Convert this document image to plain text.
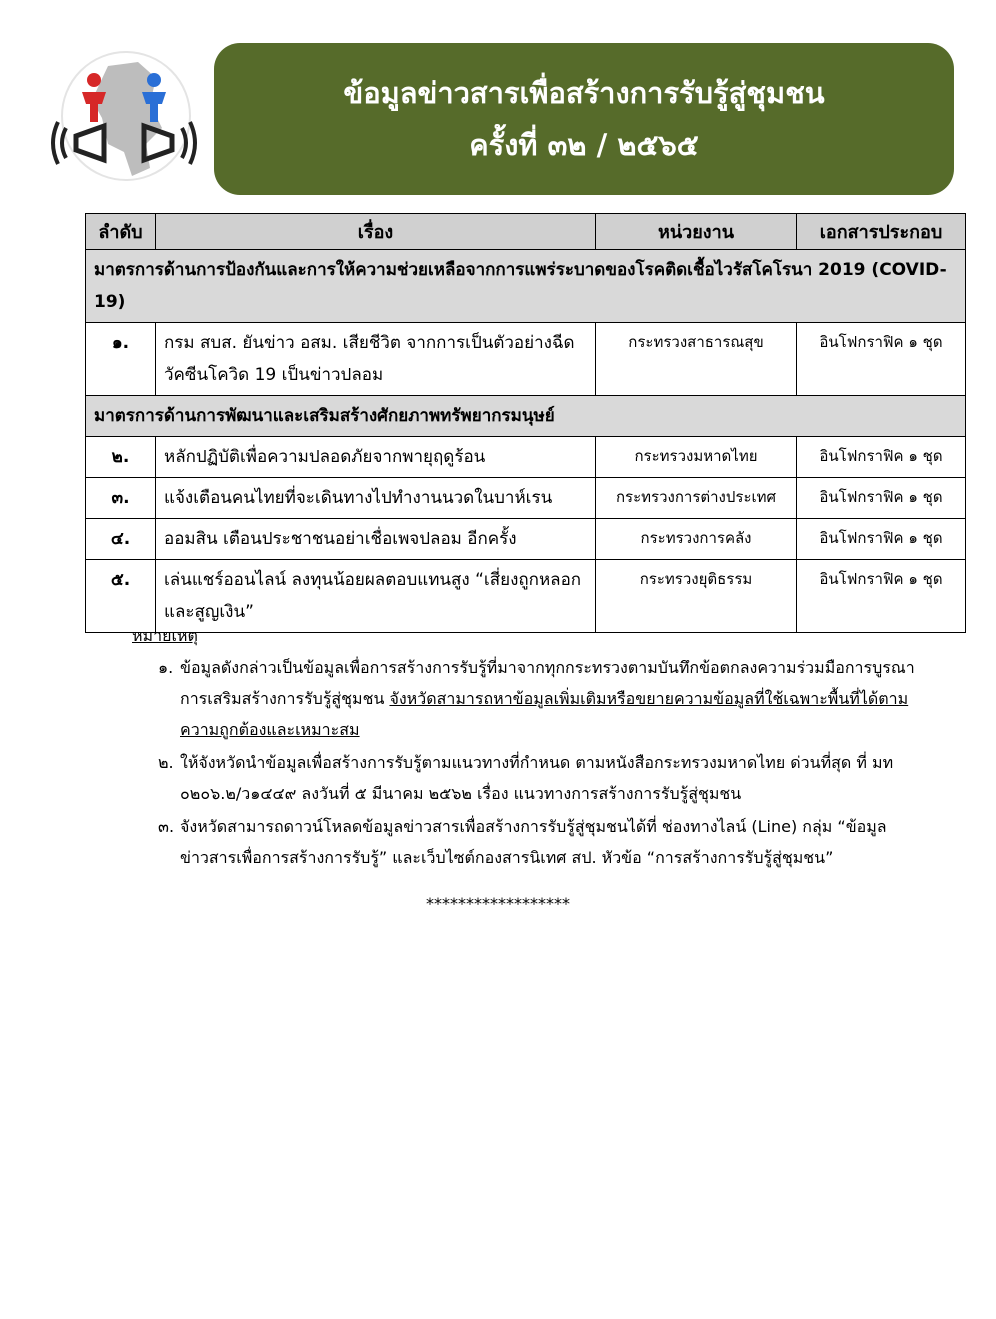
ข้อมูลข่าวสารเพื่อสร้างการรับรู้สู่ชุมชน
ครั้งที่ ๓๒ / ๒๕๖๕
ลำดับ	เรื่อง	หน่วยงาน	เอกสารประกอบ
มาตรการด้านการป้องกันและการให้ความช่วยเหลือจากการแพร่ระบาดของโรคติดเชื้อไวรัสโคโรนา 2019 (COVID-19)			
๑.	กรม สบส. ยันข่าว อสม. เสียชีวิต จากการเป็นตัวอย่างฉีดวัคซีนโควิด 19 เป็นข่าวปลอม	กระทรวงสาธารณสุข	อินโฟกราฟิค ๑ ชุด
มาตรการด้านการพัฒนาและเสริมสร้างศักยภาพทรัพยากรมนุษย์			
๒.	หลักปฏิบัติเพื่อความปลอดภัยจากพายุฤดูร้อน	กระทรวงมหาดไทย	อินโฟกราฟิค ๑ ชุด
๓.	แจ้งเตือนคนไทยที่จะเดินทางไปทำงานนวดในบาห์เรน	กระทรวงการต่างประเทศ	อินโฟกราฟิค ๑ ชุด
๔.	ออมสิน เตือนประชาชนอย่าเชื่อเพจปลอม อีกครั้ง	กระทรวงการคลัง	อินโฟกราฟิค ๑ ชุด
๕.	เล่นแชร์ออนไลน์ ลงทุนน้อยผลตอบแทนสูง “เสี่ยงถูกหลอกและสูญเงิน”	กระทรวงยุติธรรม	อินโฟกราฟิค ๑ ชุด
หมายเหตุ
๑. ข้อมูลดังกล่าวเป็นข้อมูลเพื่อการสร้างการรับรู้ที่มาจากทุกกระทรวงตามบันทึกข้อตกลงความร่วมมือการบูรณาการเสริมสร้างการรับรู้สู่ชุมชน จังหวัดสามารถหาข้อมูลเพิ่มเติมหรือขยายความข้อมูลที่ใช้เฉพาะพื้นที่ได้ตามความถูกต้องและเหมาะสม
๒. ให้จังหวัดนำข้อมูลเพื่อสร้างการรับรู้ตามแนวทางที่กำหนด ตามหนังสือกระทรวงมหาดไทย ด่วนที่สุด ที่ มท ๐๒๐๖.๒/ว๑๔๔๙ ลงวันที่ ๕ มีนาคม ๒๕๖๒ เรื่อง แนวทางการสร้างการรับรู้สู่ชุมชน
๓. จังหวัดสามารถดาวน์โหลดข้อมูลข่าวสารเพื่อสร้างการรับรู้สู่ชุมชนได้ที่ ช่องทางไลน์ (Line) กลุ่ม “ข้อมูลข่าวสารเพื่อการสร้างการรับรู้” และเว็บไซต์กองสารนิเทศ สป. หัวข้อ “การสร้างการรับรู้สู่ชุมชน”
******************
